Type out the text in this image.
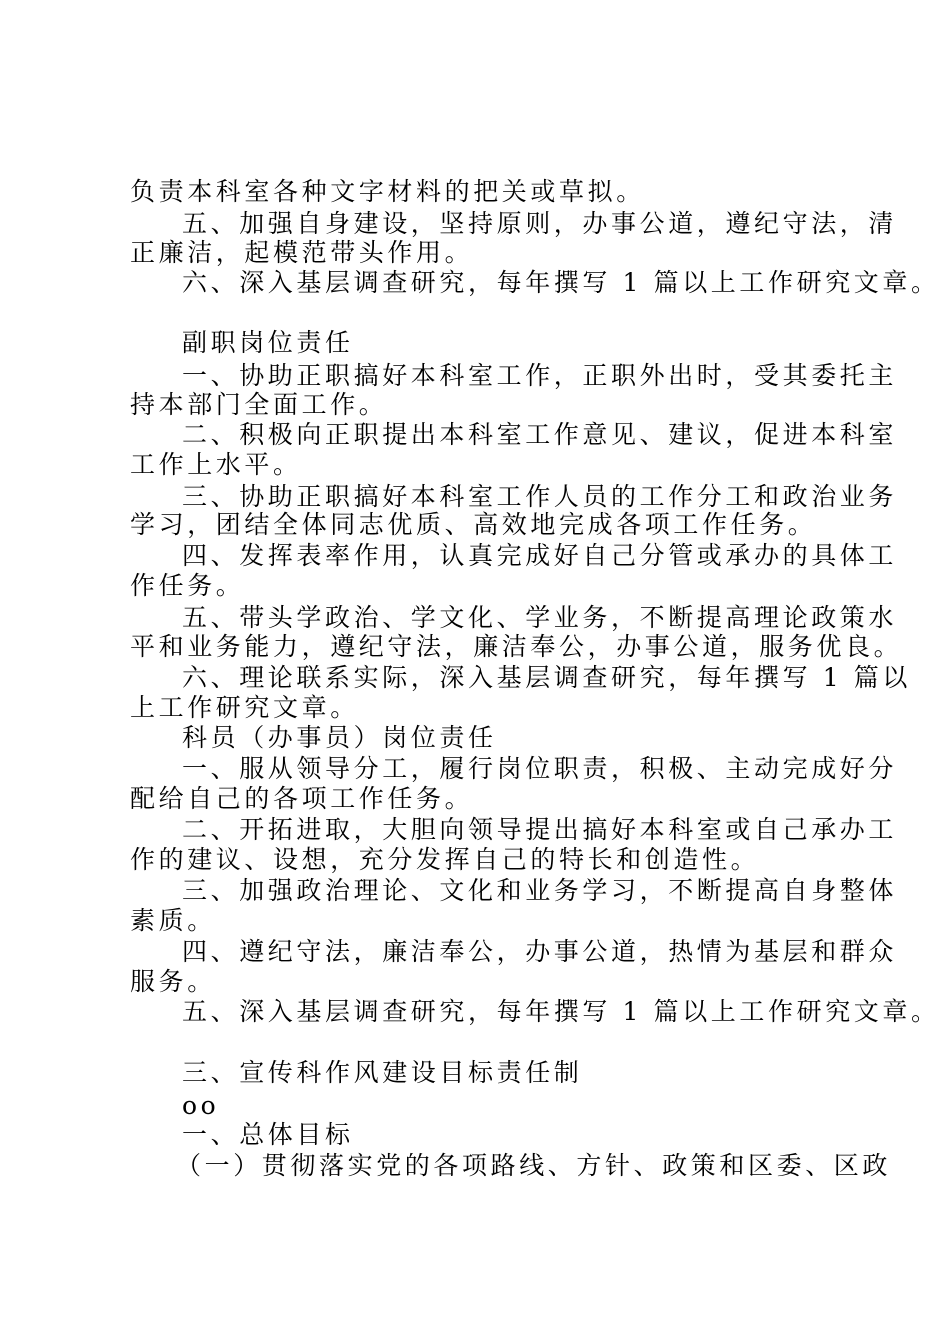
负责本科室各种文字材料的把关或草拟。
五、加强自身建设，坚持原则，办事公道，遵纪守法，清
正廉洁，起模范带头作用。
六、深入基层调查研究，每年撰写 1 篇以上工作研究文章。
副职岗位责任
一、协助正职搞好本科室工作，正职外出时，受其委托主
持本部门全面工作。
二、积极向正职提出本科室工作意见、建议，促进本科室
工作上水平。
三、协助正职搞好本科室工作人员的工作分工和政治业务
学习，团结全体同志优质、高效地完成各项工作任务。
四、发挥表率作用，认真完成好自己分管或承办的具体工
作任务。
五、带头学政治、学文化、学业务，不断提高理论政策水
平和业务能力，遵纪守法，廉洁奉公，办事公道，服务优良。
六、理论联系实际，深入基层调查研究，每年撰写 1 篇以
上工作研究文章。
科员（办事员）岗位责任
一、服从领导分工，履行岗位职责，积极、主动完成好分
配给自己的各项工作任务。
二、开拓进取，大胆向领导提出搞好本科室或自己承办工
作的建议、设想，充分发挥自己的特长和创造性。
三、加强政治理论、文化和业务学习，不断提高自身整体
素质。
四、遵纪守法，廉洁奉公，办事公道，热情为基层和群众
服务。
五、深入基层调查研究，每年撰写 1 篇以上工作研究文章。
三、宣传科作风建设目标责任制
oo
一、总体目标
（一）贯彻落实党的各项路线、方针、政策和区委、区政
